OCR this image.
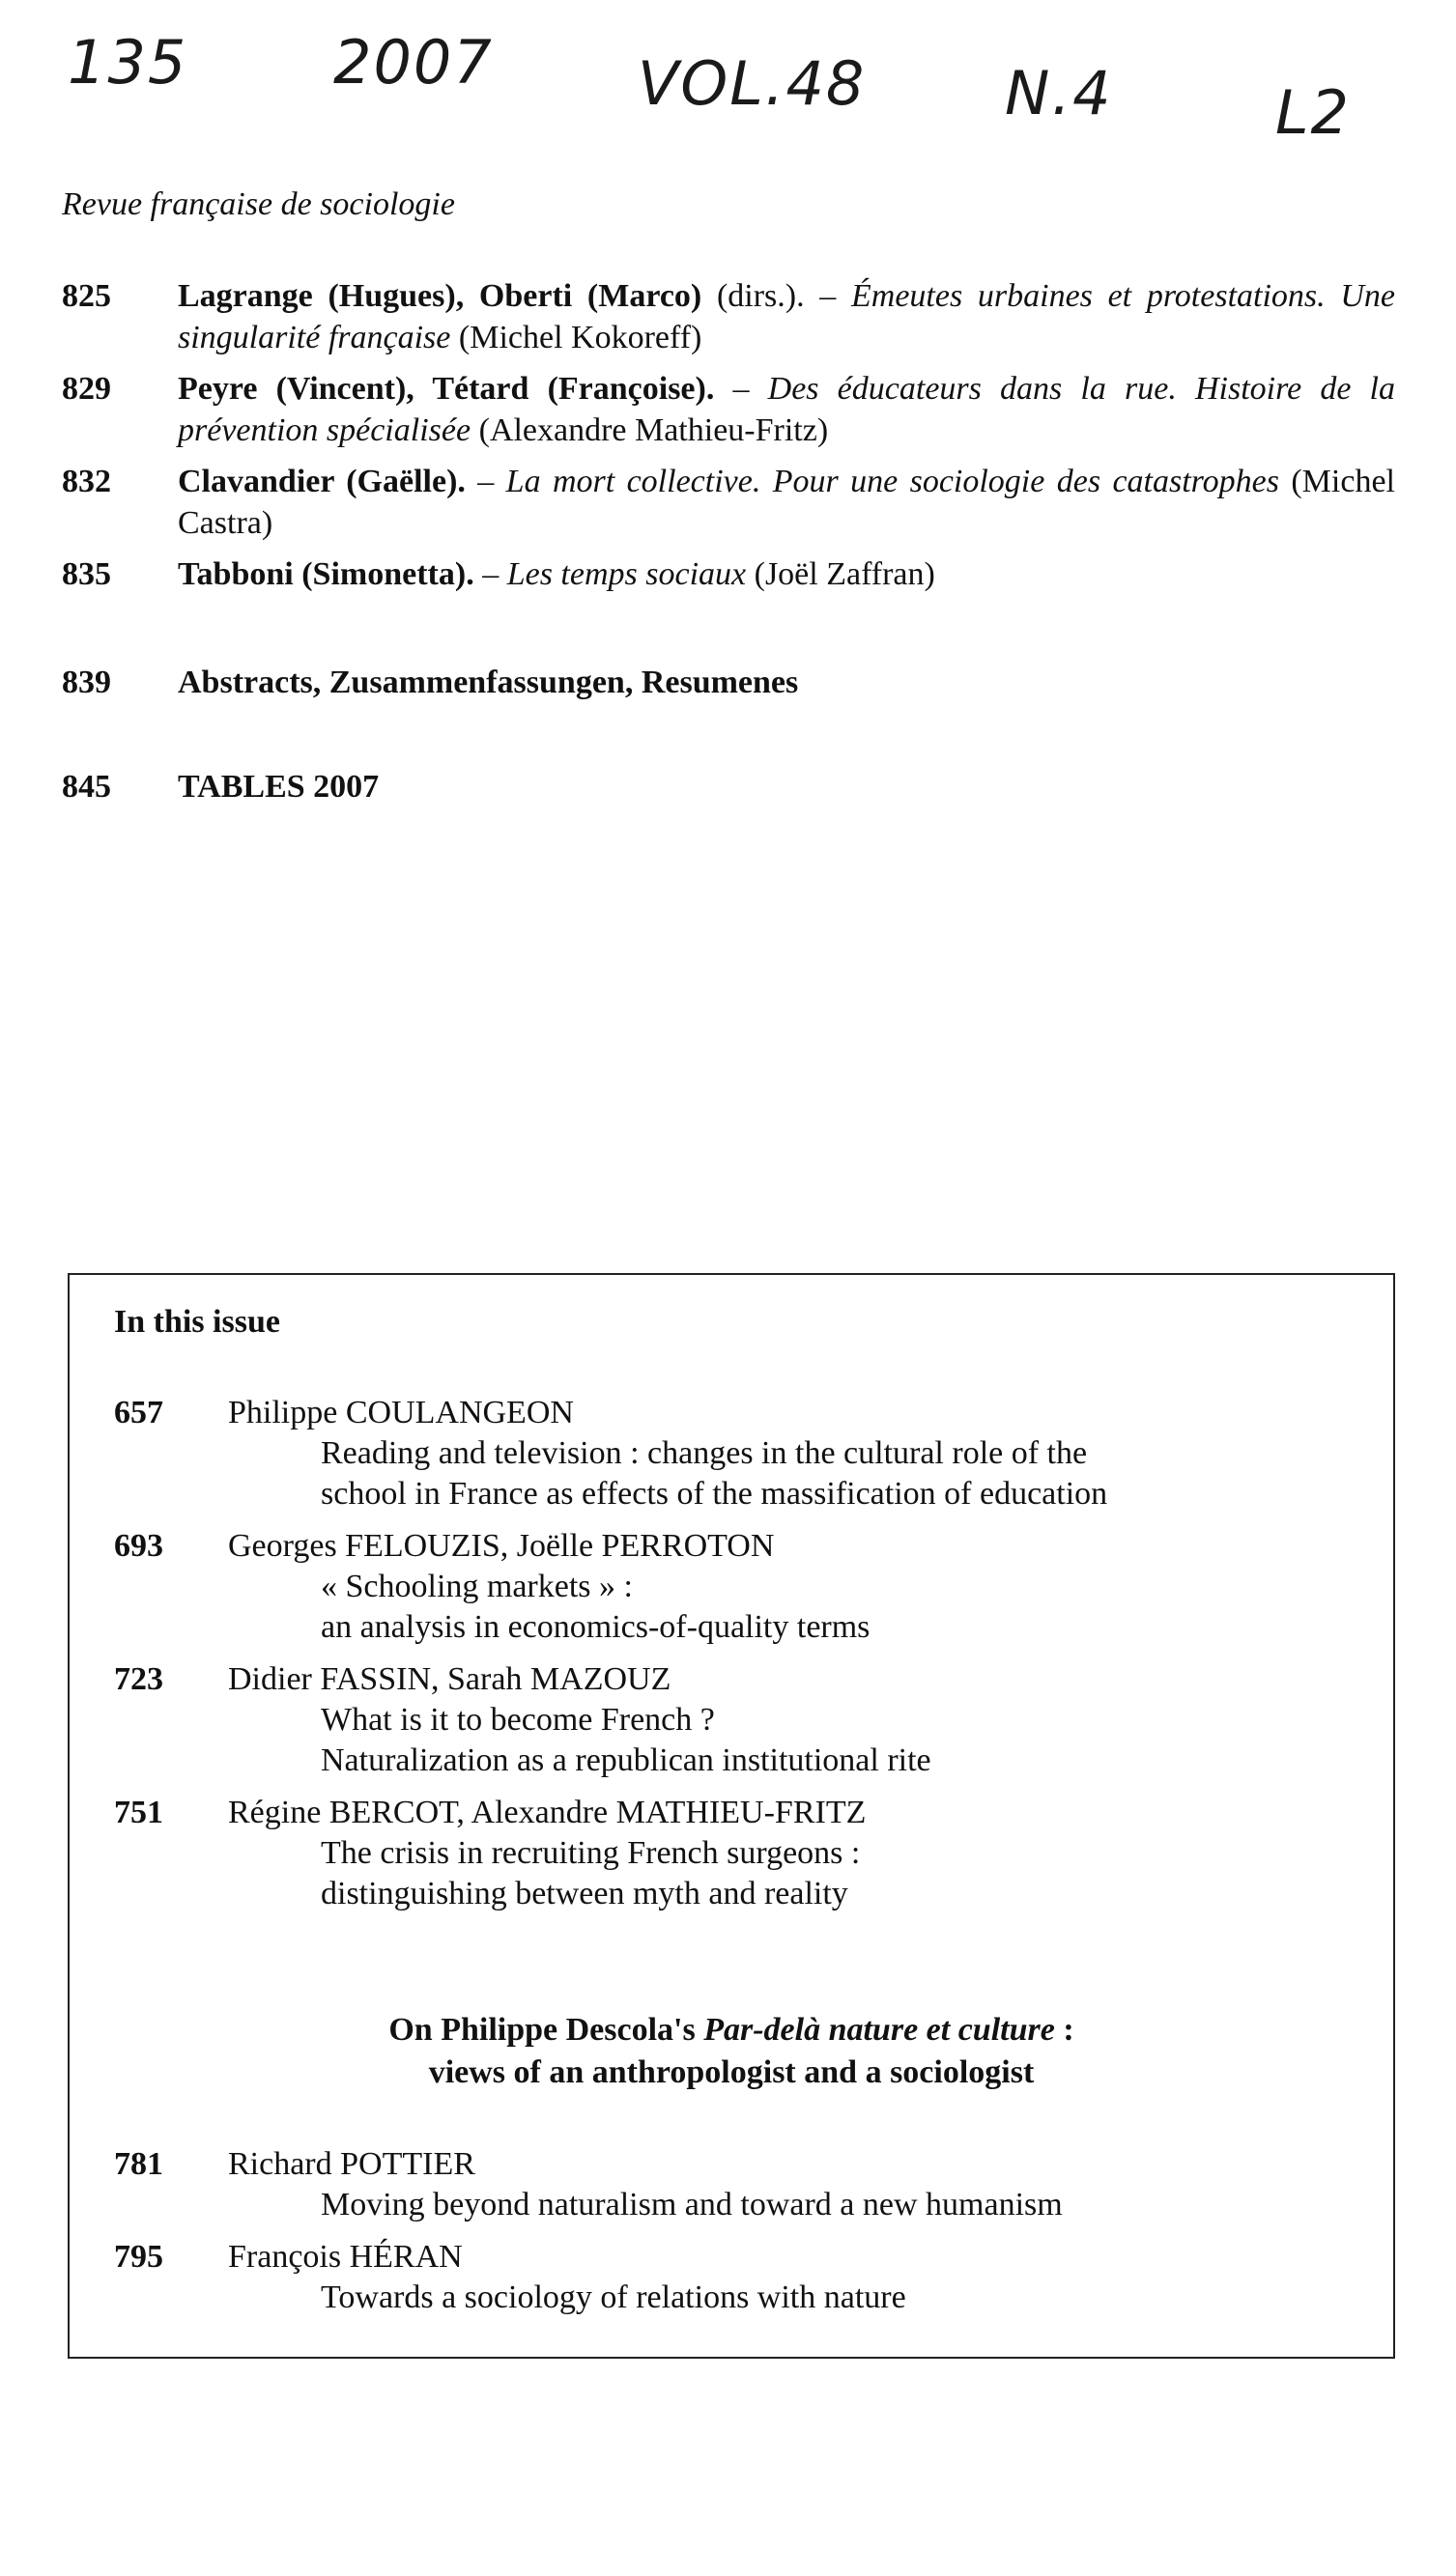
135 2007 VOL.48 N.4	L2
Revue française de sociologie
825	Lagrange (Hugues), Oberti (Marco) (dirs.). – Émeutes urbaines et protestations. Une singularité française (Michel Kokoreff)
829	Peyre (Vincent), Tétard (Françoise). – Des éducateurs dans la rue. Histoire de la prévention spécialisée (Alexandre Mathieu-Fritz)
832	Clavandier (Gaëlle). – La mort collective. Pour une sociologie des catastrophes (Michel Castra)
835	Tabboni (Simonetta). – Les temps sociaux (Joël Zaffran)
839	Abstracts, Zusammenfassungen, Resumenes
845	TABLES 2007
In this issue
657	Philippe COULANGEON
Reading and television : changes in the cultural role of the
school in France as effects of the massification of education
693	Georges FELOUZIS, Joëlle PERROTON
« Schooling markets » :
an analysis in economics-of-quality terms
723	Didier FASSIN, Sarah MAZOUZ
What is it to become French ?
Naturalization as a republican institutional rite
751	Régine BERCOT, Alexandre MATHIEU-FRITZ
The crisis in recruiting French surgeons :
distinguishing between myth and reality
On Philippe Descola's Par-delà nature et culture :
views of an anthropologist and a sociologist
781	Richard POTTIER
Moving beyond naturalism and toward a new humanism
795	François HÉRAN
Towards a sociology of relations with nature
